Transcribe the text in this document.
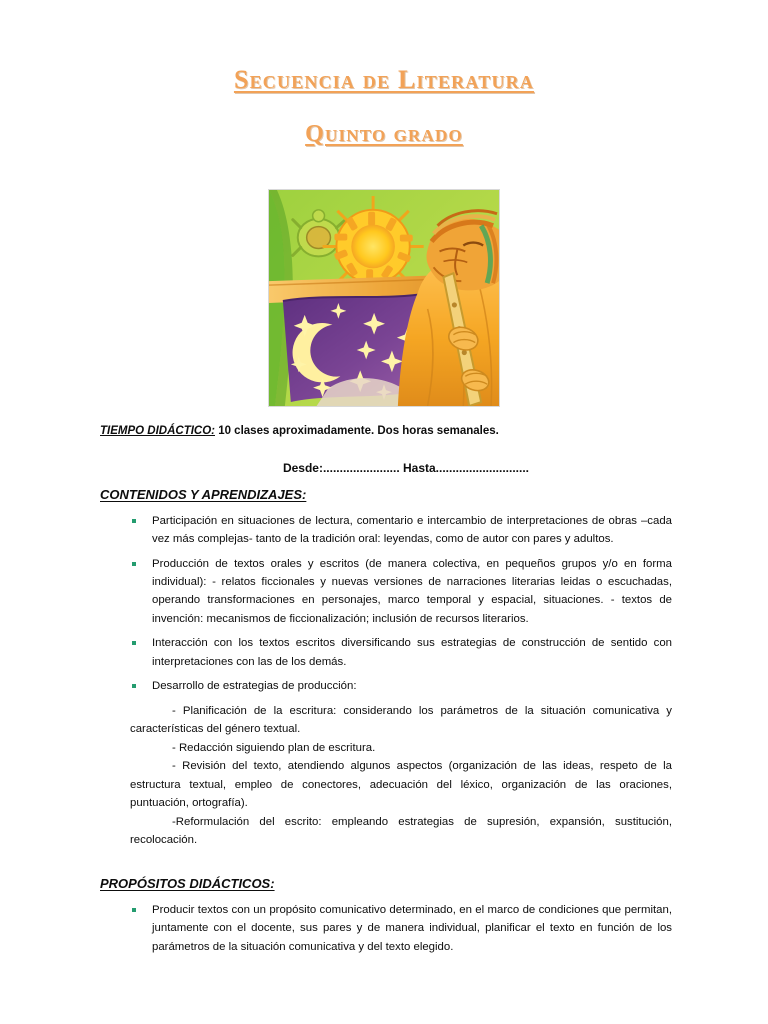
Secuencia de Literatura
Quinto grado

TIEMPO DIDÁCTICO: 10 clases aproximadamente. Dos horas semanales.

Desde:....................... Hasta............................

CONTENIDOS Y APRENDIZAJES:
Participación en situaciones de lectura, comentario e intercambio de interpretaciones de obras –cada vez más complejas- tanto de la tradición oral: leyendas, como de autor con pares y adultos.
Producción de textos orales y escritos (de manera colectiva, en pequeños grupos y/o en forma individual): - relatos ficcionales y nuevas versiones de narraciones literarias leidas o escuchadas, operando transformaciones en personajes, marco temporal y espacial, situaciones. - textos de invención: mecanismos de ficcionalización; inclusión de recursos literarios.
Interacción con los textos escritos diversificando sus estrategias de construcción de sentido con interpretaciones con las de los demás.
Desarrollo de estrategias de producción:

- Planificación de la escritura: considerando los parámetros de la situación comunicativa y características del género textual.

- Redacción siguiendo plan de escritura.

- Revisión del texto, atendiendo algunos aspectos (organización de las ideas, respeto de la estructura textual, empleo de conectores, adecuación del léxico, organización de las oraciones, puntuación, ortografía).

-Reformulación del escrito: empleando estrategias de supresión, expansión, sustitución, recolocación.

PROPÓSITOS DIDÁCTICOS:
Producir textos con un propósito comunicativo determinado, en el marco de condiciones que permitan, juntamente con el docente, sus pares y de manera individual, planificar el texto en función de los parámetros de la situación comunicativa y del texto elegido.
